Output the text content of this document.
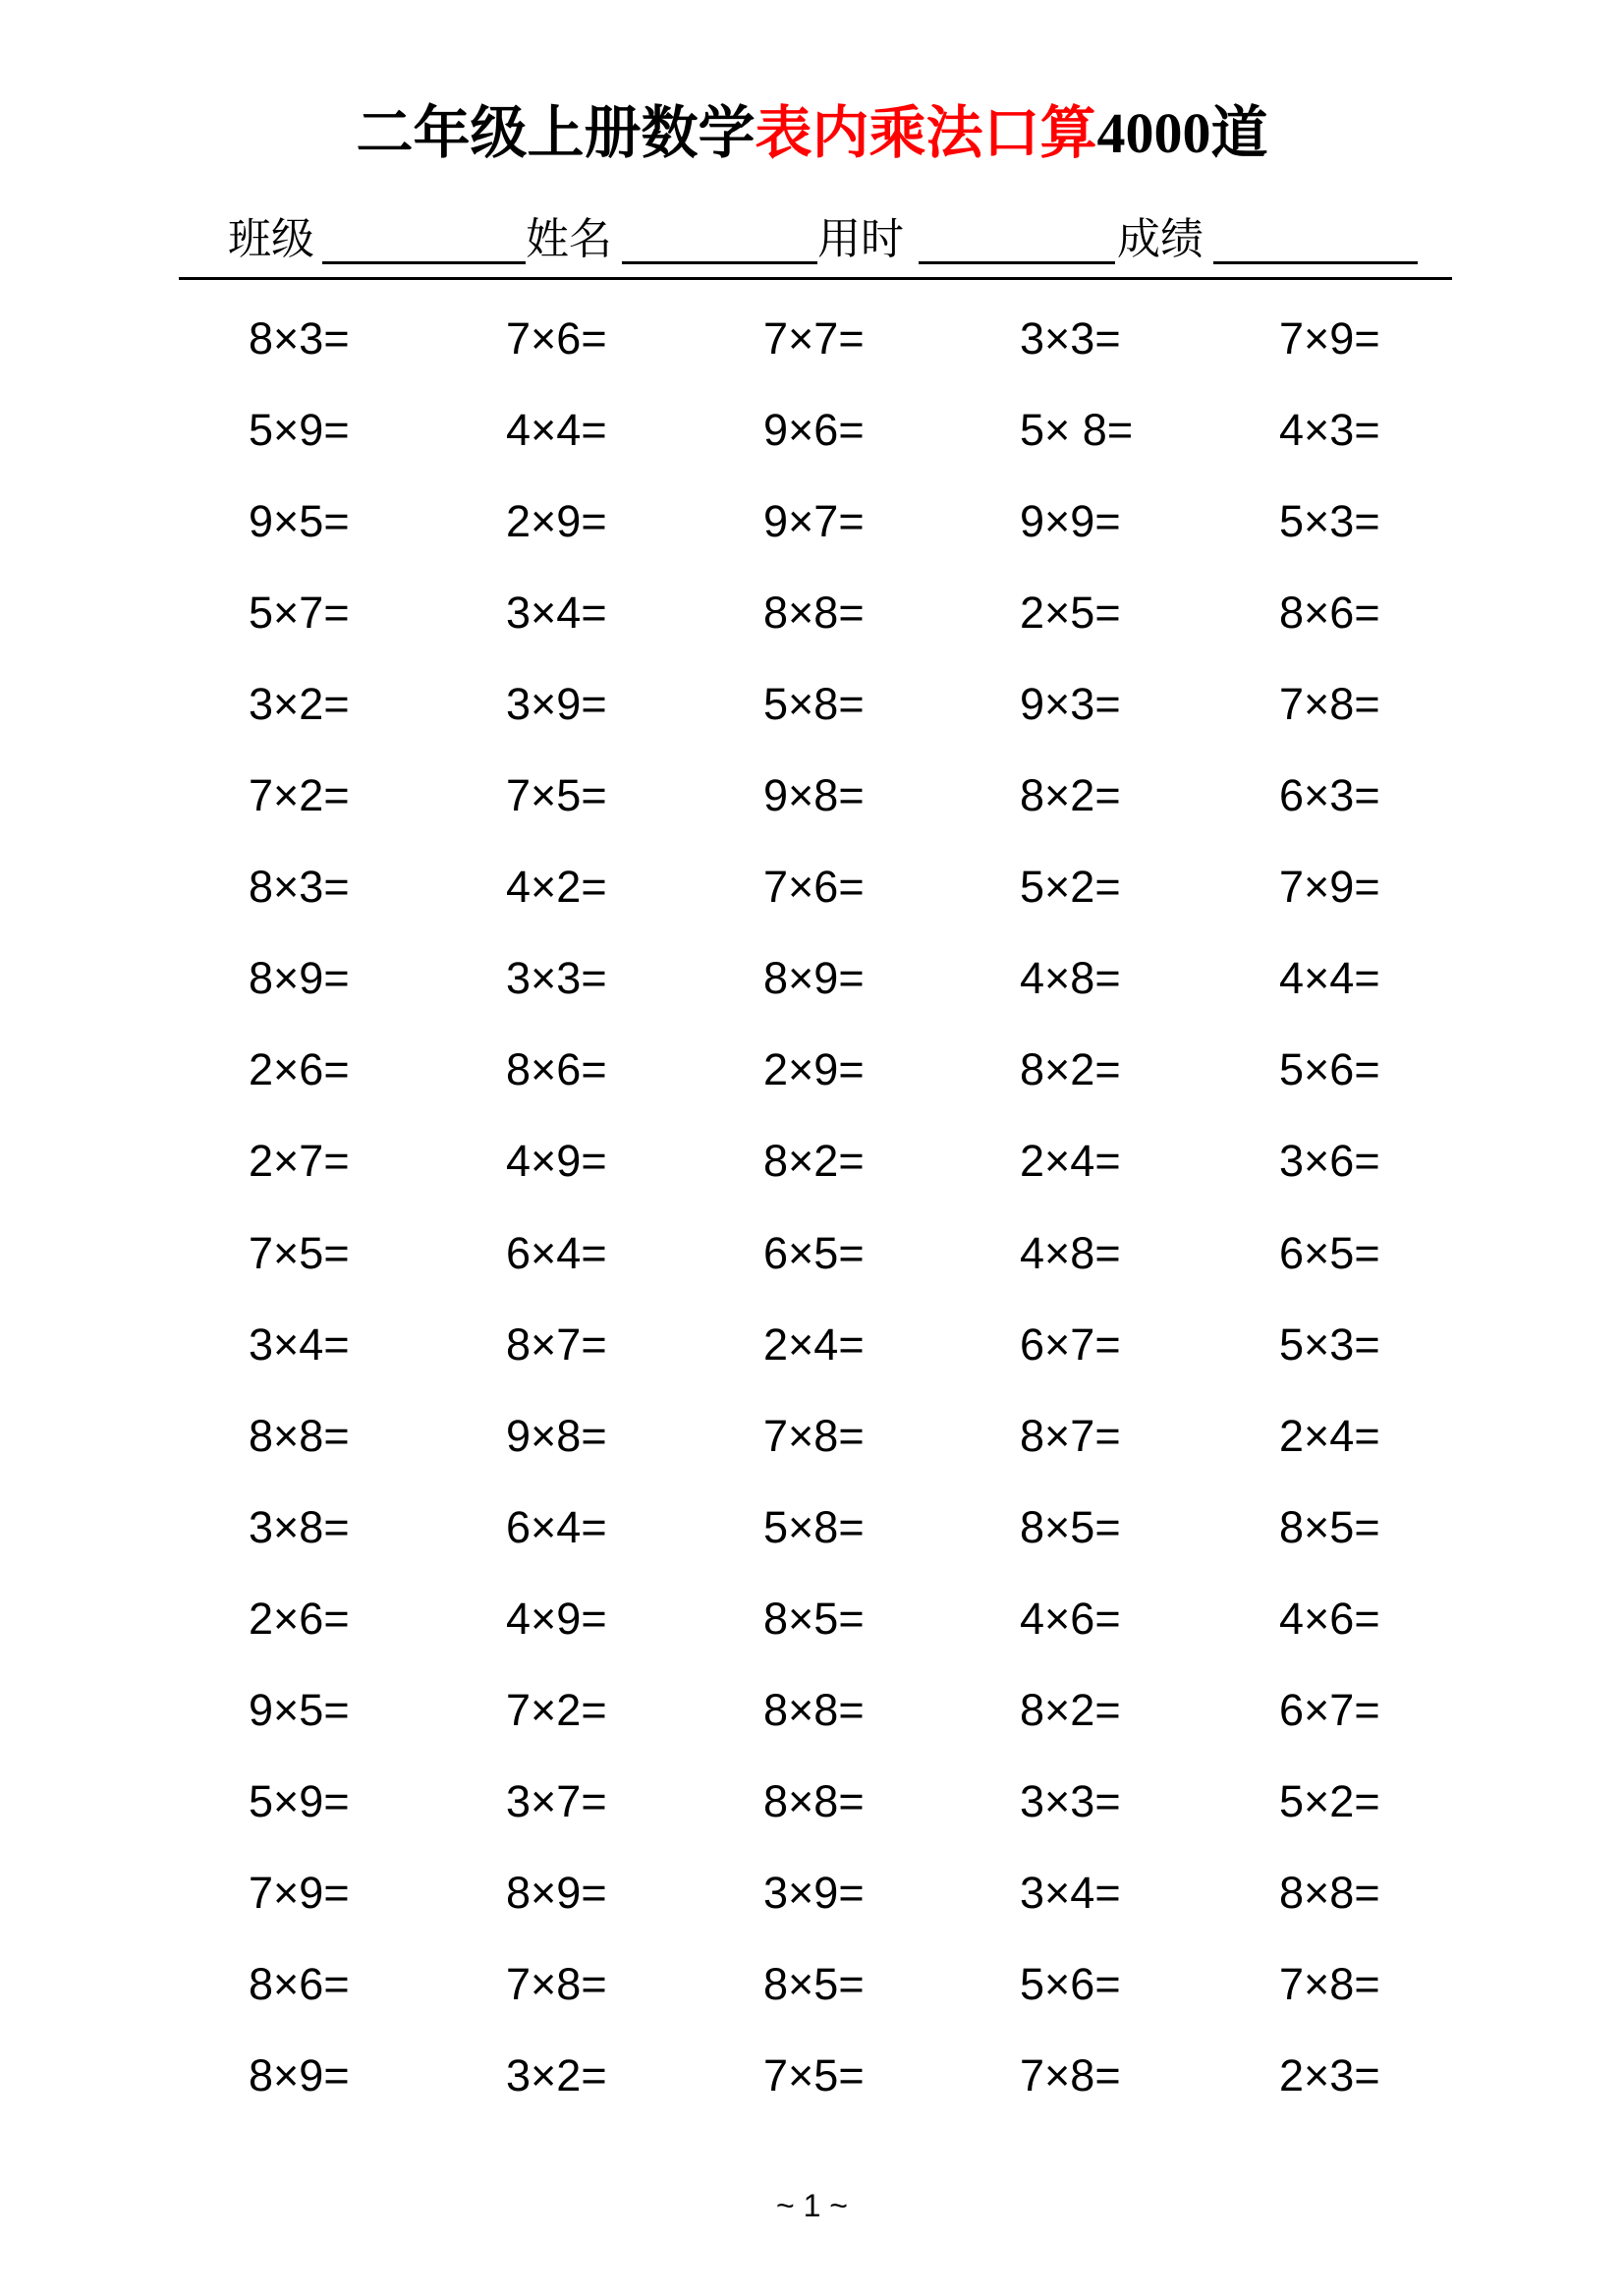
二年级上册数学表内乘法口算4000道
班级	姓名	用时	成绩
8×3=	7×6=	7×7=	3×3=	7×9=
5×9=	4×4=	9×6=	5× 8=	4×3=
9×5=	2×9=	9×7=	9×9=	5×3=
5×7=	3×4=	8×8=	2×5=	8×6=
3×2=	3×9=	5×8=	9×3=	7×8=
7×2=	7×5=	9×8=	8×2=	6×3=
8×3=	4×2=	7×6=	5×2=	7×9=
8×9=	3×3=	8×9=	4×8=	4×4=
2×6=	8×6=	2×9=	8×2=	5×6=
2×7=	4×9=	8×2=	2×4=	3×6=
7×5=	6×4=	6×5=	4×8=	6×5=
3×4=	8×7=	2×4=	6×7=	5×3=
8×8=	9×8=	7×8=	8×7=	2×4=
3×8=	6×4=	5×8=	8×5=	8×5=
2×6=	4×9=	8×5=	4×6=	4×6=
9×5=	7×2=	8×8=	8×2=	6×7=
5×9=	3×7=	8×8=	3×3=	5×2=
7×9=	8×9=	3×9=	3×4=	8×8=
8×6=	7×8=	8×5=	5×6=	7×8=
8×9=	3×2=	7×5=	7×8=	2×3=
~ 1 ~
